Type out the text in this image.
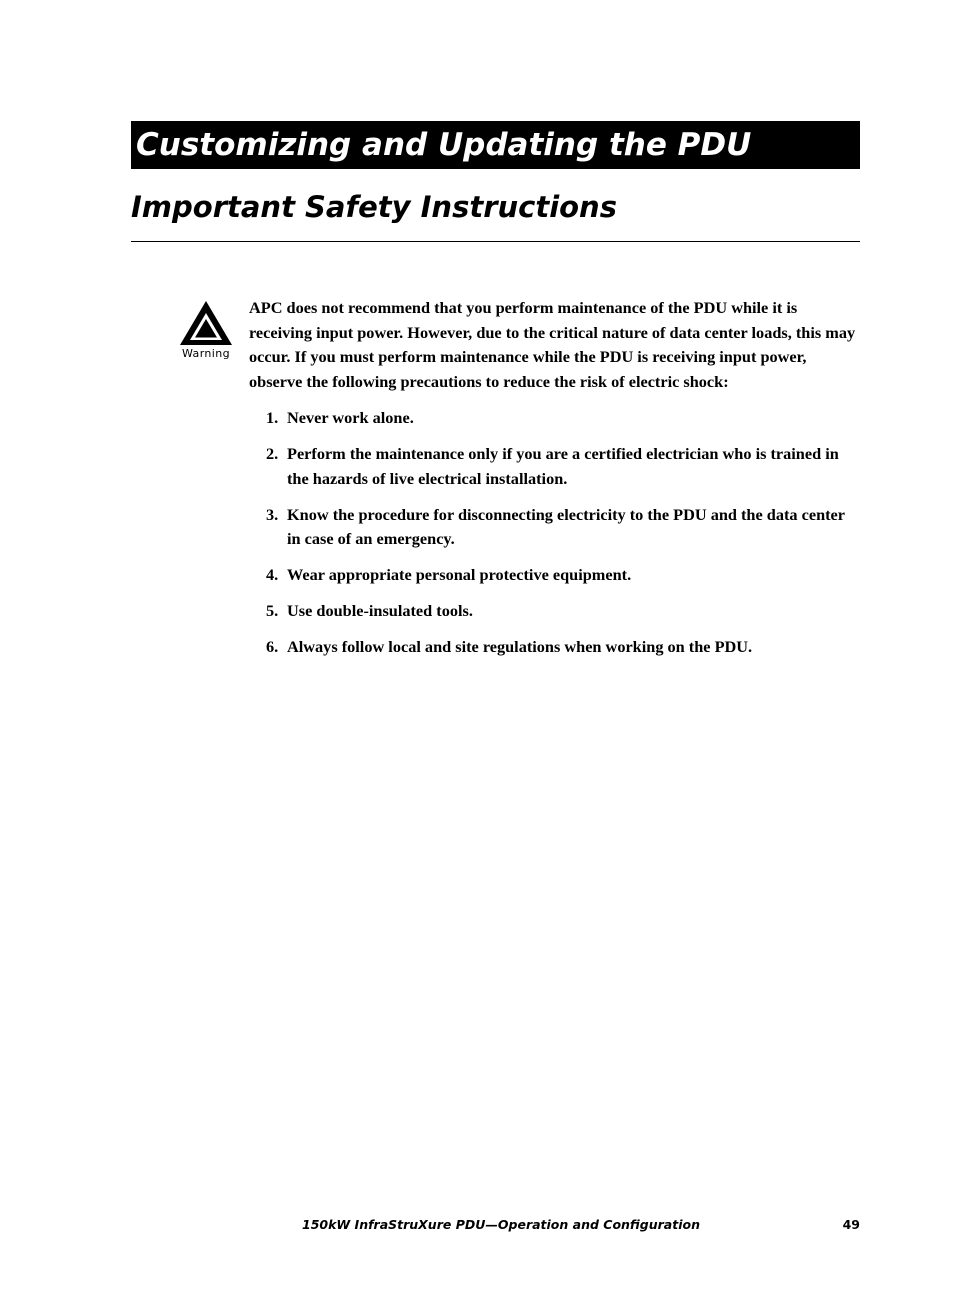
Customizing and Updating the PDU
Important Safety Instructions
Warning

APC does not recommend that you perform maintenance of the PDU while it is receiving input power. However, due to the critical nature of data center loads, this may occur. If you must perform maintenance while the PDU is receiving input power, observe the following precautions to reduce the risk of electric shock:

1. Never work alone.
2. Perform the maintenance only if you are a certified electrician who is trained in the hazards of live electrical installation.
3. Know the procedure for disconnecting electricity to the PDU and the data center in case of an emergency.
4. Wear appropriate personal protective equipment.
5. Use double-insulated tools.
6. Always follow local and site regulations when working on the PDU.
150kW InfraStruXure PDU—Operation and Configuration	49
